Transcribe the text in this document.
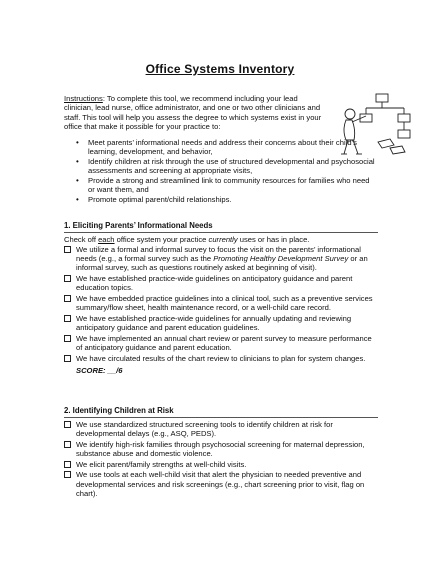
Office Systems Inventory
Instructions: To complete this tool, we recommend including your lead clinician, lead nurse, office administrator, and one or two other clinicians and staff. This tool will help you assess the degree to which systems exist in your office that make it possible for your practice to:
• Meet parents’ informational needs and address their concerns about their child’s learning, development, and behavior,
• Identify children at risk through the use of structured developmental and psychosocial assessments and screening at appropriate visits,
• Provide a strong and streamlined link to community resources for families who need or want them, and
• Promote optimal parent/child relationships.
1. Eliciting Parents’ Informational Needs
Check off each office system your practice currently uses or has in place.
We utilize a formal and informal survey to focus the visit on the parents’ informational needs (e.g., a formal survey such as the Promoting Healthy Development Survey or an informal survey, such as questions routinely asked at beginning of visit).
We have established practice-wide guidelines on anticipatory guidance and parent education topics.
We have embedded practice guidelines into a clinical tool, such as a preventive services summary/flow sheet, health maintenance record, or a well-child care record.
We have established practice-wide guidelines for annually updating and reviewing anticipatory guidance and parent education guidelines.
We have implemented an annual chart review or parent survey to measure performance of anticipatory guidance and parent education.
We have circulated results of the chart review to clinicians to plan for system changes.
SCORE: __/6
2. Identifying Children at Risk
We use standardized structured screening tools to identify children at risk for developmental delays (e.g., ASQ, PEDS).
We identify high-risk families through psychosocial screening for maternal depression, substance abuse and domestic violence.
We elicit parent/family strengths at well-child visits.
We use tools at each well-child visit that alert the physician to needed preventive and developmental services and risk screenings (e.g., chart screening prior to visit, flag on chart).
